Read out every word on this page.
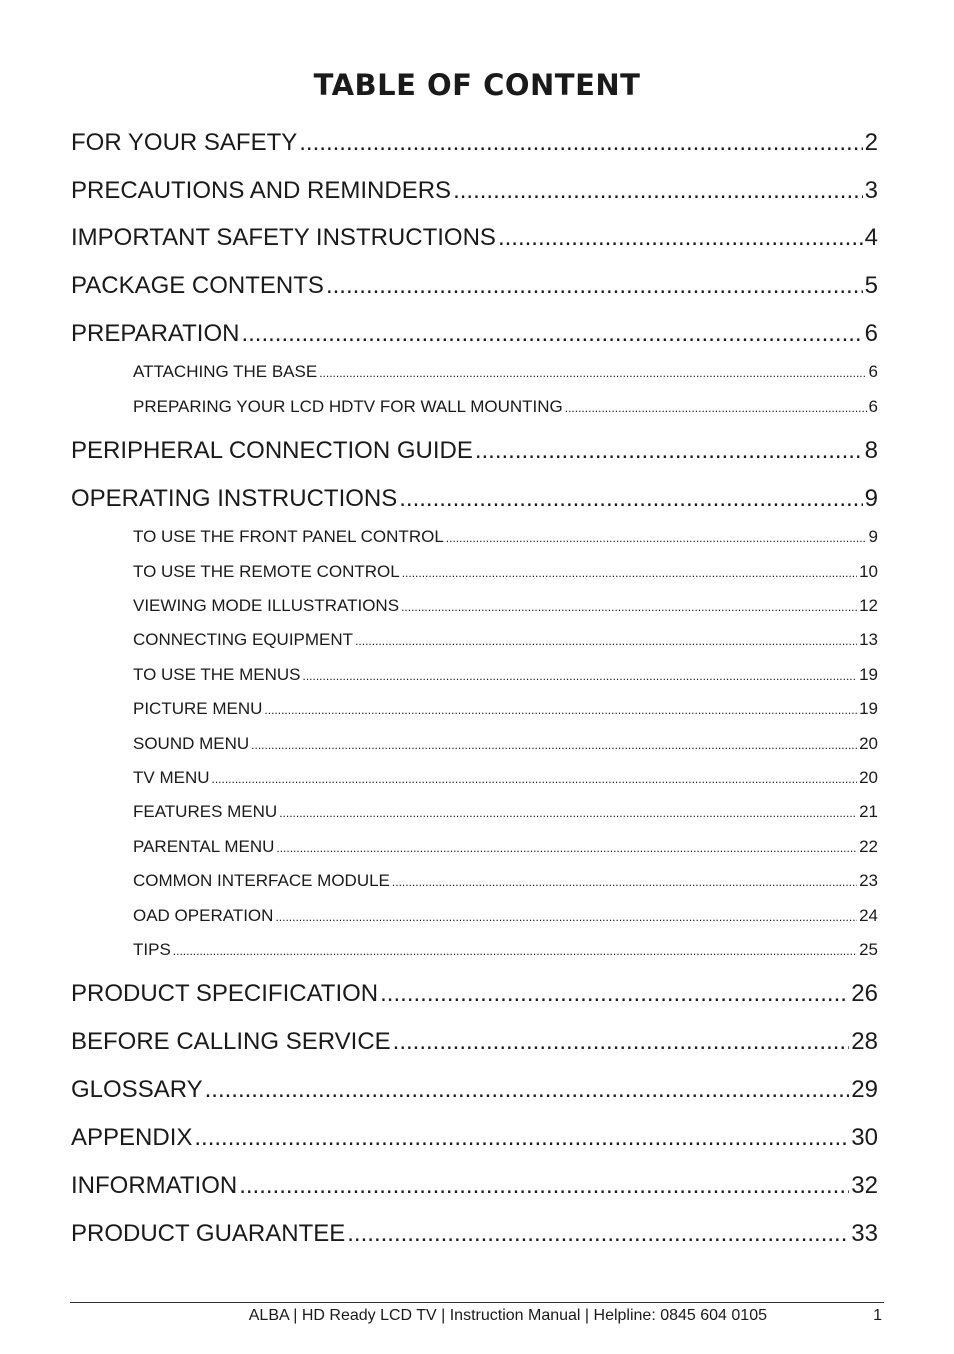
TABLE OF CONTENT
FOR YOUR SAFETY .....	2
PRECAUTIONS AND REMINDERS .....	3
IMPORTANT SAFETY INSTRUCTIONS .....	4
PACKAGE CONTENTS .....	5
PREPARATION .....	6
ATTACHING THE BASE .....	6
PREPARING YOUR LCD HDTV FOR WALL MOUNTING .....	6
PERIPHERAL CONNECTION GUIDE .....	8
OPERATING INSTRUCTIONS .....	9
TO USE THE FRONT PANEL CONTROL .....	9
TO USE THE REMOTE CONTROL .....	10
VIEWING MODE ILLUSTRATIONS .....	12
CONNECTING EQUIPMENT .....	13
TO USE THE MENUS .....	19
PICTURE MENU .....	19
SOUND MENU .....	20
TV MENU .....	20
FEATURES MENU .....	21
PARENTAL MENU .....	22
COMMON INTERFACE MODULE .....	23
OAD OPERATION .....	24
TIPS .....	25
PRODUCT SPECIFICATION .....	26
BEFORE CALLING SERVICE .....	28
GLOSSARY .....	29
APPENDIX .....	30
INFORMATION .....	32
PRODUCT GUARANTEE .....	33
ALBA | HD Ready LCD TV | Instruction Manual | Helpline: 0845 604 0105	1
